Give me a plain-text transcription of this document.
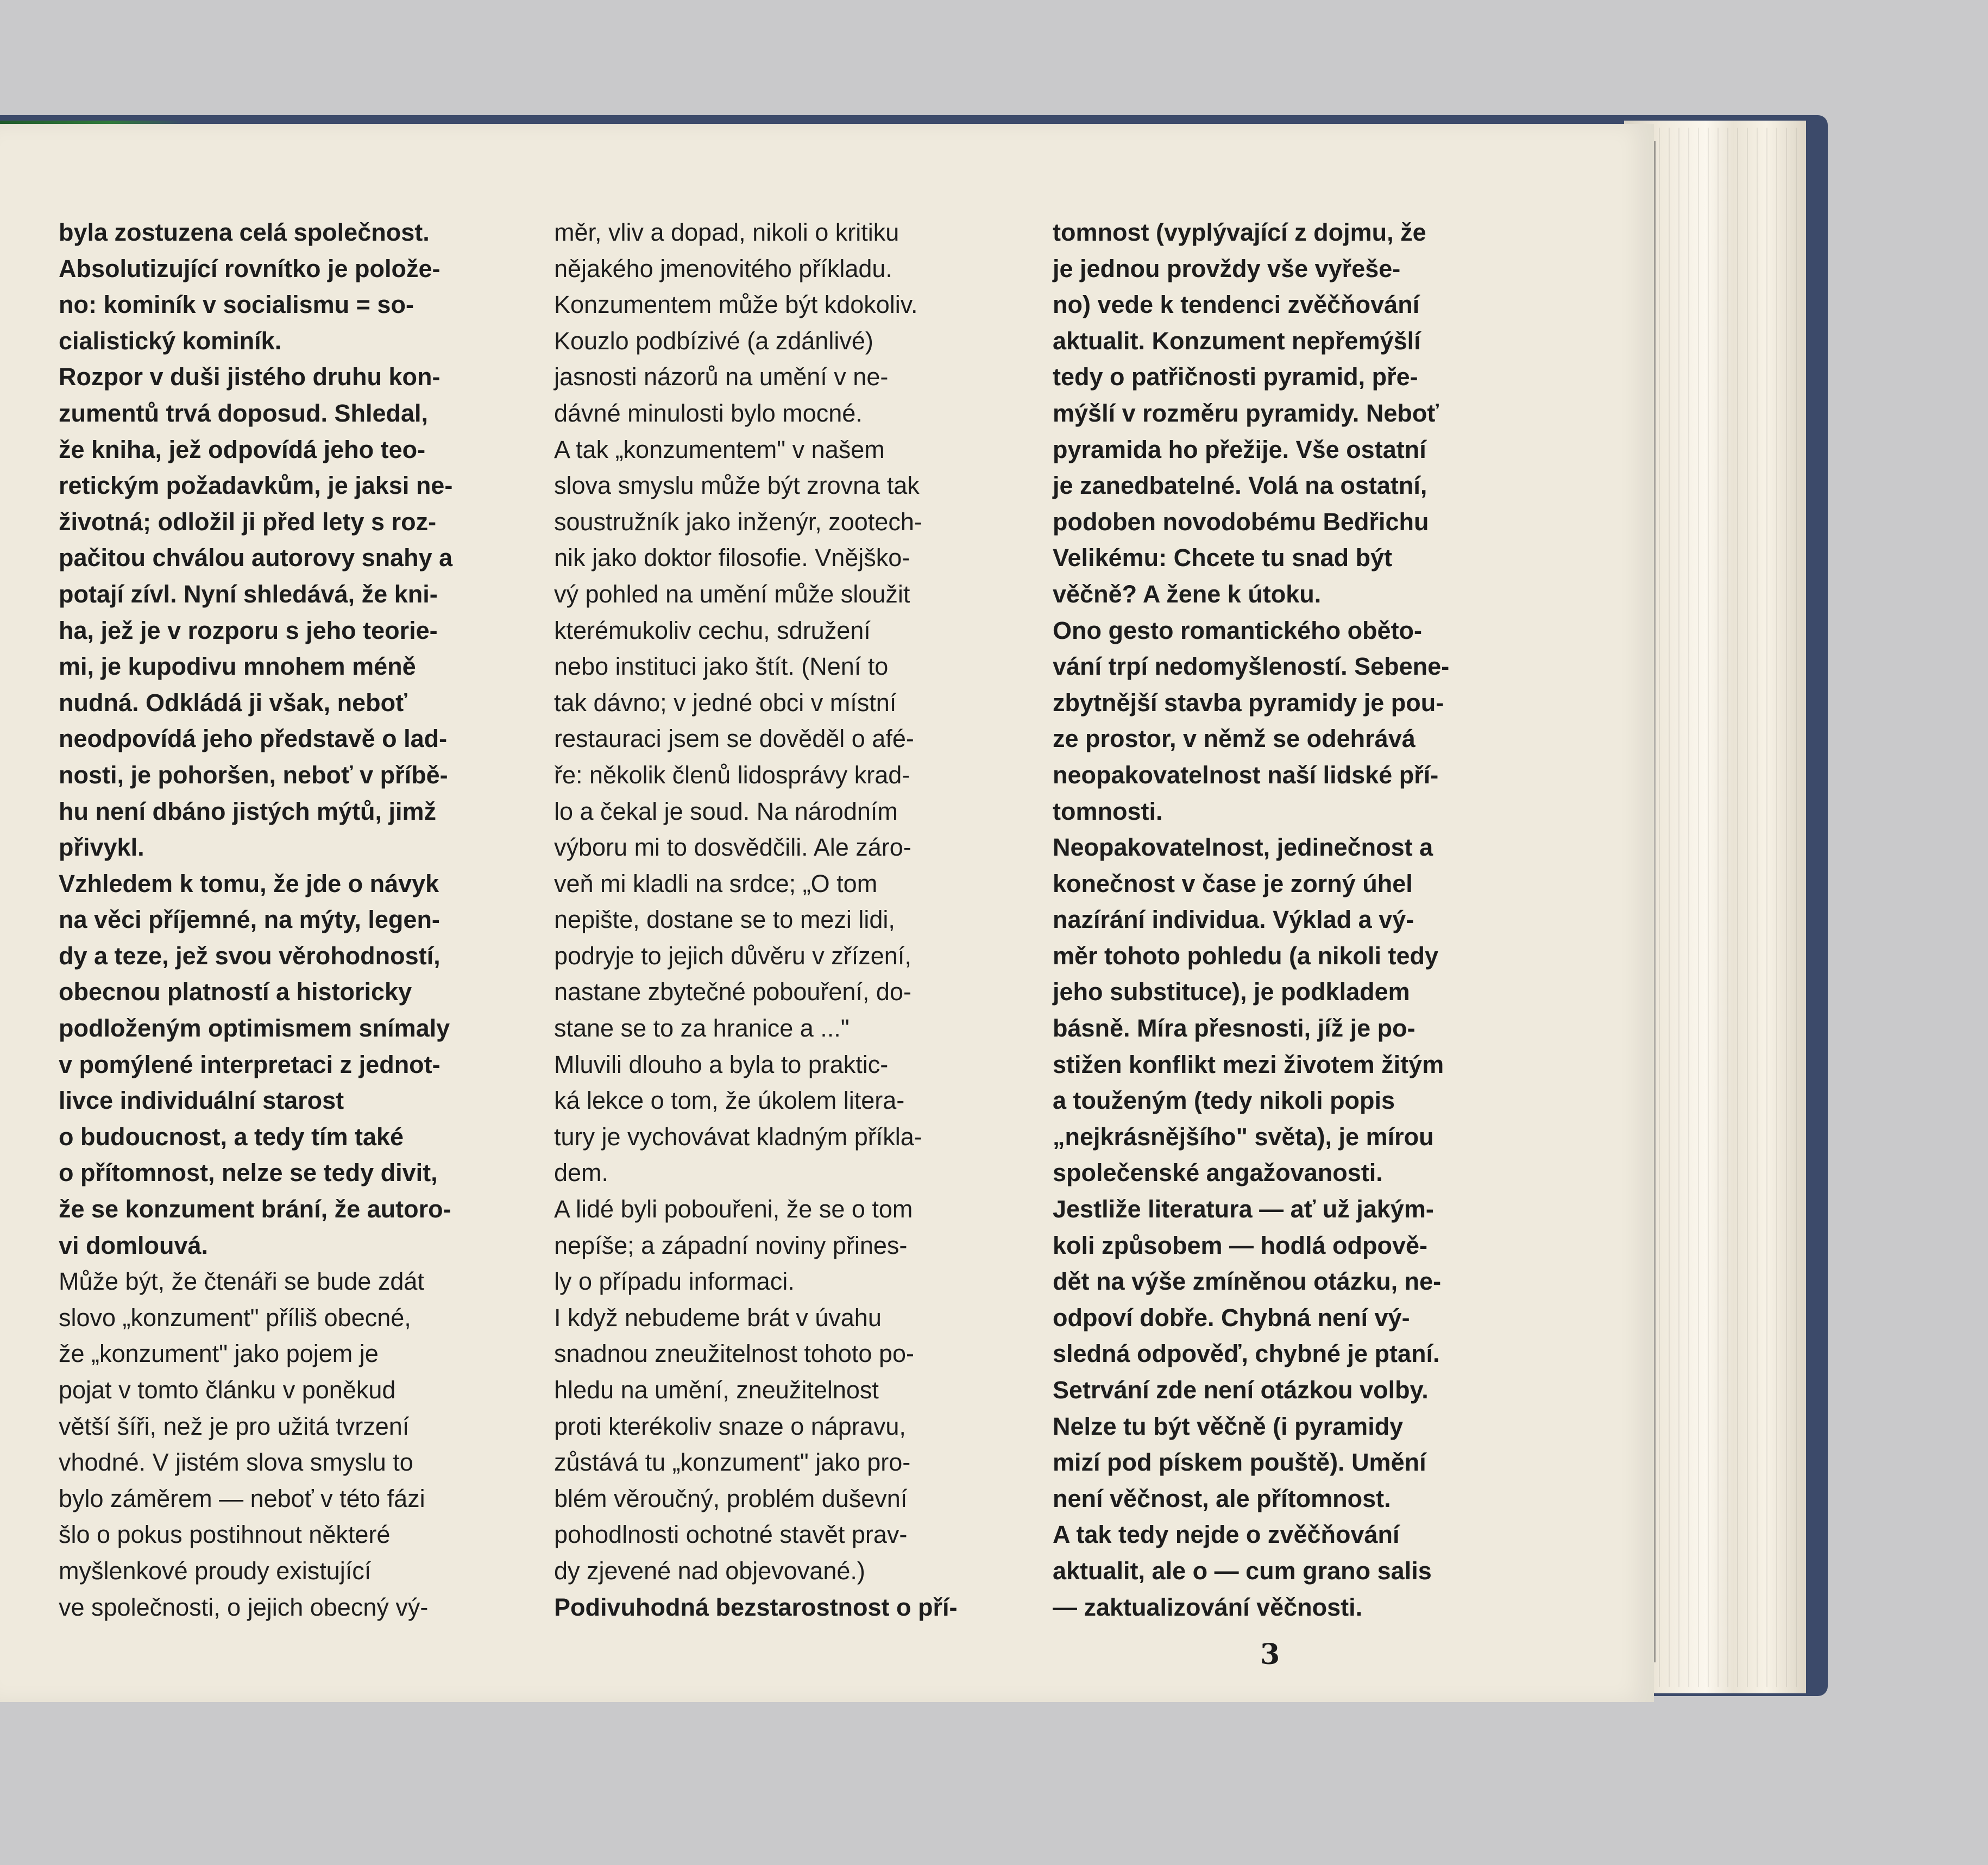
byla zostuzena celá společnost.
Absolutizující rovnítko je polože-
no: kominík v socialismu = so-
cialistický kominík.
Rozpor v duši jistého druhu kon-
zumentů trvá doposud. Shledal,
že kniha, jež odpovídá jeho teo-
retickým požadavkům, je jaksi ne-
životná; odložil ji před lety s roz-
pačitou chválou autorovy snahy a
potají zívl. Nyní shledává, že kni-
ha, jež je v rozporu s jeho teorie-
mi, je kupodivu mnohem méně
nudná. Odkládá ji však, neboť
neodpovídá jeho představě o lad-
nosti, je pohoršen, neboť v příbě-
hu není dbáno jistých mýtů, jimž
přivykl.
Vzhledem k tomu, že jde o návyk
na věci příjemné, na mýty, legen-
dy a teze, jež svou věrohodností,
obecnou platností a historicky
podloženým optimismem snímaly
v pomýlené interpretaci z jednot-
livce individuální starost
o budoucnost, a tedy tím také
o přítomnost, nelze se tedy divit,
že se konzument brání, že autoro-
vi domlouvá.
Může být, že čtenáři se bude zdát
slovo „konzument" příliš obecné,
že „konzument" jako pojem je
pojat v tomto článku v poněkud
větší šíři, než je pro užitá tvrzení
vhodné. V jistém slova smyslu to
bylo záměrem — neboť v této fázi
šlo o pokus postihnout některé
myšlenkové proudy existující
ve společnosti, o jejich obecný vý-
měr, vliv a dopad, nikoli o kritiku
nějakého jmenovitého příkladu.
Konzumentem může být kdokoliv.
Kouzlo podbízivé (a zdánlivé)
jasnosti názorů na umění v ne-
dávné minulosti bylo mocné.
A tak „konzumentem" v našem
slova smyslu může být zrovna tak
soustružník jako inženýr, zootech-
nik jako doktor filosofie. Vnějško-
vý pohled na umění může sloužit
kterémukoliv cechu, sdružení
nebo instituci jako štít. (Není to
tak dávno; v jedné obci v místní
restauraci jsem se dověděl o afé-
ře: několik členů lidosprávy krad-
lo a čekal je soud. Na národním
výboru mi to dosvědčili. Ale záro-
veň mi kladli na srdce; „O tom
nepište, dostane se to mezi lidi,
podryje to jejich důvěru v zřízení,
nastane zbytečné pobouření, do-
stane se to za hranice a ..."
Mluvili dlouho a byla to praktic-
ká lekce o tom, že úkolem litera-
tury je vychovávat kladným příkla-
dem.
A lidé byli pobouřeni, že se o tom
nepíše; a západní noviny přines-
ly o případu informaci.
I když nebudeme brát v úvahu
snadnou zneužitelnost tohoto po-
hledu na umění, zneužitelnost
proti kterékoliv snaze o nápravu,
zůstává tu „konzument" jako pro-
blém věroučný, problém duševní
pohodlnosti ochotné stavět prav-
dy zjevené nad objevované.)
Podivuhodná bezstarostnost o pří-
tomnost (vyplývající z dojmu, že
je jednou provždy vše vyřeše-
no) vede k tendenci zvěčňování
aktualit. Konzument nepřemýšlí
tedy o patřičnosti pyramid, pře-
mýšlí v rozměru pyramidy. Neboť
pyramida ho přežije. Vše ostatní
je zanedbatelné. Volá na ostatní,
podoben novodobému Bedřichu
Velikému: Chcete tu snad být
věčně? A žene k útoku.
Ono gesto romantického oběto-
vání trpí nedomyšleností. Sebene-
zbytnější stavba pyramidy je pou-
ze prostor, v němž se odehrává
neopakovatelnost naší lidské pří-
tomnosti.
Neopakovatelnost, jedinečnost a
konečnost v čase je zorný úhel
nazírání individua. Výklad a vý-
měr tohoto pohledu (a nikoli tedy
jeho substituce), je podkladem
básně. Míra přesnosti, jíž je po-
stižen konflikt mezi životem žitým
a touženým (tedy nikoli popis
„nejkrásnějšího" světa), je mírou
společenské angažovanosti.
Jestliže literatura — ať už jakým-
koli způsobem — hodlá odpově-
dět na výše zmíněnou otázku, ne-
odpoví dobře. Chybná není vý-
sledná odpověď, chybné je ptaní.
Setrvání zde není otázkou volby.
Nelze tu být věčně (i pyramidy
mizí pod pískem pouště). Umění
není věčnost, ale přítomnost.
A tak tedy nejde o zvěčňování
aktualit, ale o — cum grano salis
— zaktualizování věčnosti.
3
